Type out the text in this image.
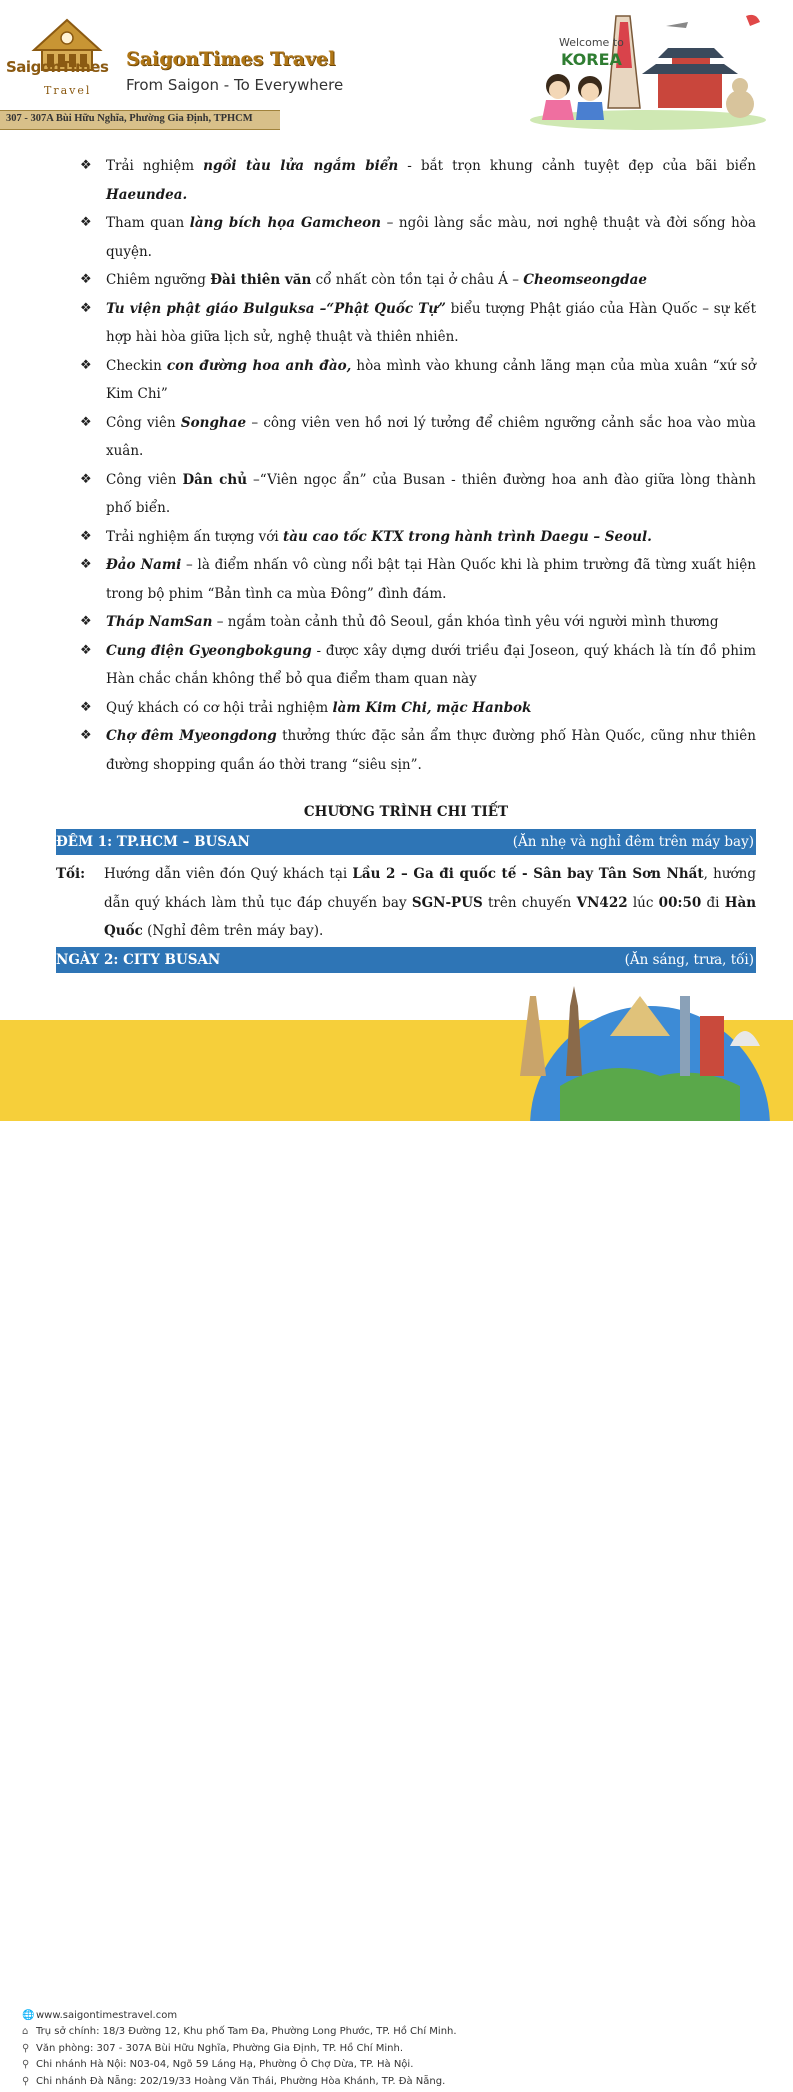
SaigonTimes
Travel
SaigonTimes Travel
From Saigon - To Everywhere
307 - 307A Bùi Hữu Nghĩa, Phường Gia Định, TPHCM
Welcome to
KOREA
❖ Trải nghiệm ngồi tàu lửa ngắm biển - bắt trọn khung cảnh tuyệt đẹp của bãi biển Haeundea.
❖ Tham quan làng bích họa Gamcheon – ngôi làng sắc màu, nơi nghệ thuật và đời sống hòa quyện.
❖ Chiêm ngưỡng Đài thiên văn cổ nhất còn tồn tại ở châu Á – Cheomseongdae
❖ Tu viện phật giáo Bulguksa –“Phật Quốc Tự” biểu tượng Phật giáo của Hàn Quốc – sự kết hợp hài hòa giữa lịch sử, nghệ thuật và thiên nhiên.
❖ Checkin con đường hoa anh đào, hòa mình vào khung cảnh lãng mạn của mùa xuân “xứ sở Kim Chi”
❖ Công viên Songhae – công viên ven hồ nơi lý tưởng để chiêm ngưỡng cảnh sắc hoa vào mùa xuân.
❖ Công viên Dân chủ –“Viên ngọc ẩn” của Busan - thiên đường hoa anh đào giữa lòng thành phố biển.
❖ Trải nghiệm ấn tượng với tàu cao tốc KTX trong hành trình Daegu – Seoul.
❖ Đảo Nami – là điểm nhấn vô cùng nổi bật tại Hàn Quốc khi là phim trường đã từng xuất hiện trong bộ phim “Bản tình ca mùa Đông” đình đám.
❖ Tháp NamSan – ngắm toàn cảnh thủ đô Seoul, gắn khóa tình yêu với người mình thương
❖ Cung điện Gyeongbokgung - được xây dựng dưới triều đại Joseon, quý khách là tín đồ phim Hàn chắc chắn không thể bỏ qua điểm tham quan này
❖ Quý khách có cơ hội trải nghiệm làm Kim Chi, mặc Hanbok
❖ Chợ đêm Myeongdong thưởng thức đặc sản ẩm thực đường phố Hàn Quốc, cũng như thiên đường shopping quần áo thời trang “siêu sịn”.
CHƯƠNG TRÌNH CHI TIẾT
ĐÊM 1: TP.HCM – BUSAN	(Ăn nhẹ và nghỉ đêm trên máy bay)
Tối: Hướng dẫn viên đón Quý khách tại Lầu 2 – Ga đi quốc tế - Sân bay Tân Sơn Nhất, hướng dẫn quý khách làm thủ tục đáp chuyến bay SGN-PUS trên chuyến VN422 lúc 00:50 đi Hàn Quốc (Nghỉ đêm trên máy bay).
NGÀY 2: CITY BUSAN	(Ăn sáng, trưa, tối)
🌐 www.saigontimestravel.com
⌂ Trụ sở chính: 18/3 Đường 12, Khu phố Tam Đa, Phường Long Phước, TP. Hồ Chí Minh.
⚲ Văn phòng: 307 - 307A Bùi Hữu Nghĩa, Phường Gia Định, TP. Hồ Chí Minh.
⚲ Chi nhánh Hà Nội: N03-04, Ngõ 59 Láng Hạ, Phường Ô Chợ Dừa, TP. Hà Nội.
⚲ Chi nhánh Đà Nẵng: 202/19/33 Hoàng Văn Thái, Phường Hòa Khánh, TP. Đà Nẵng.
